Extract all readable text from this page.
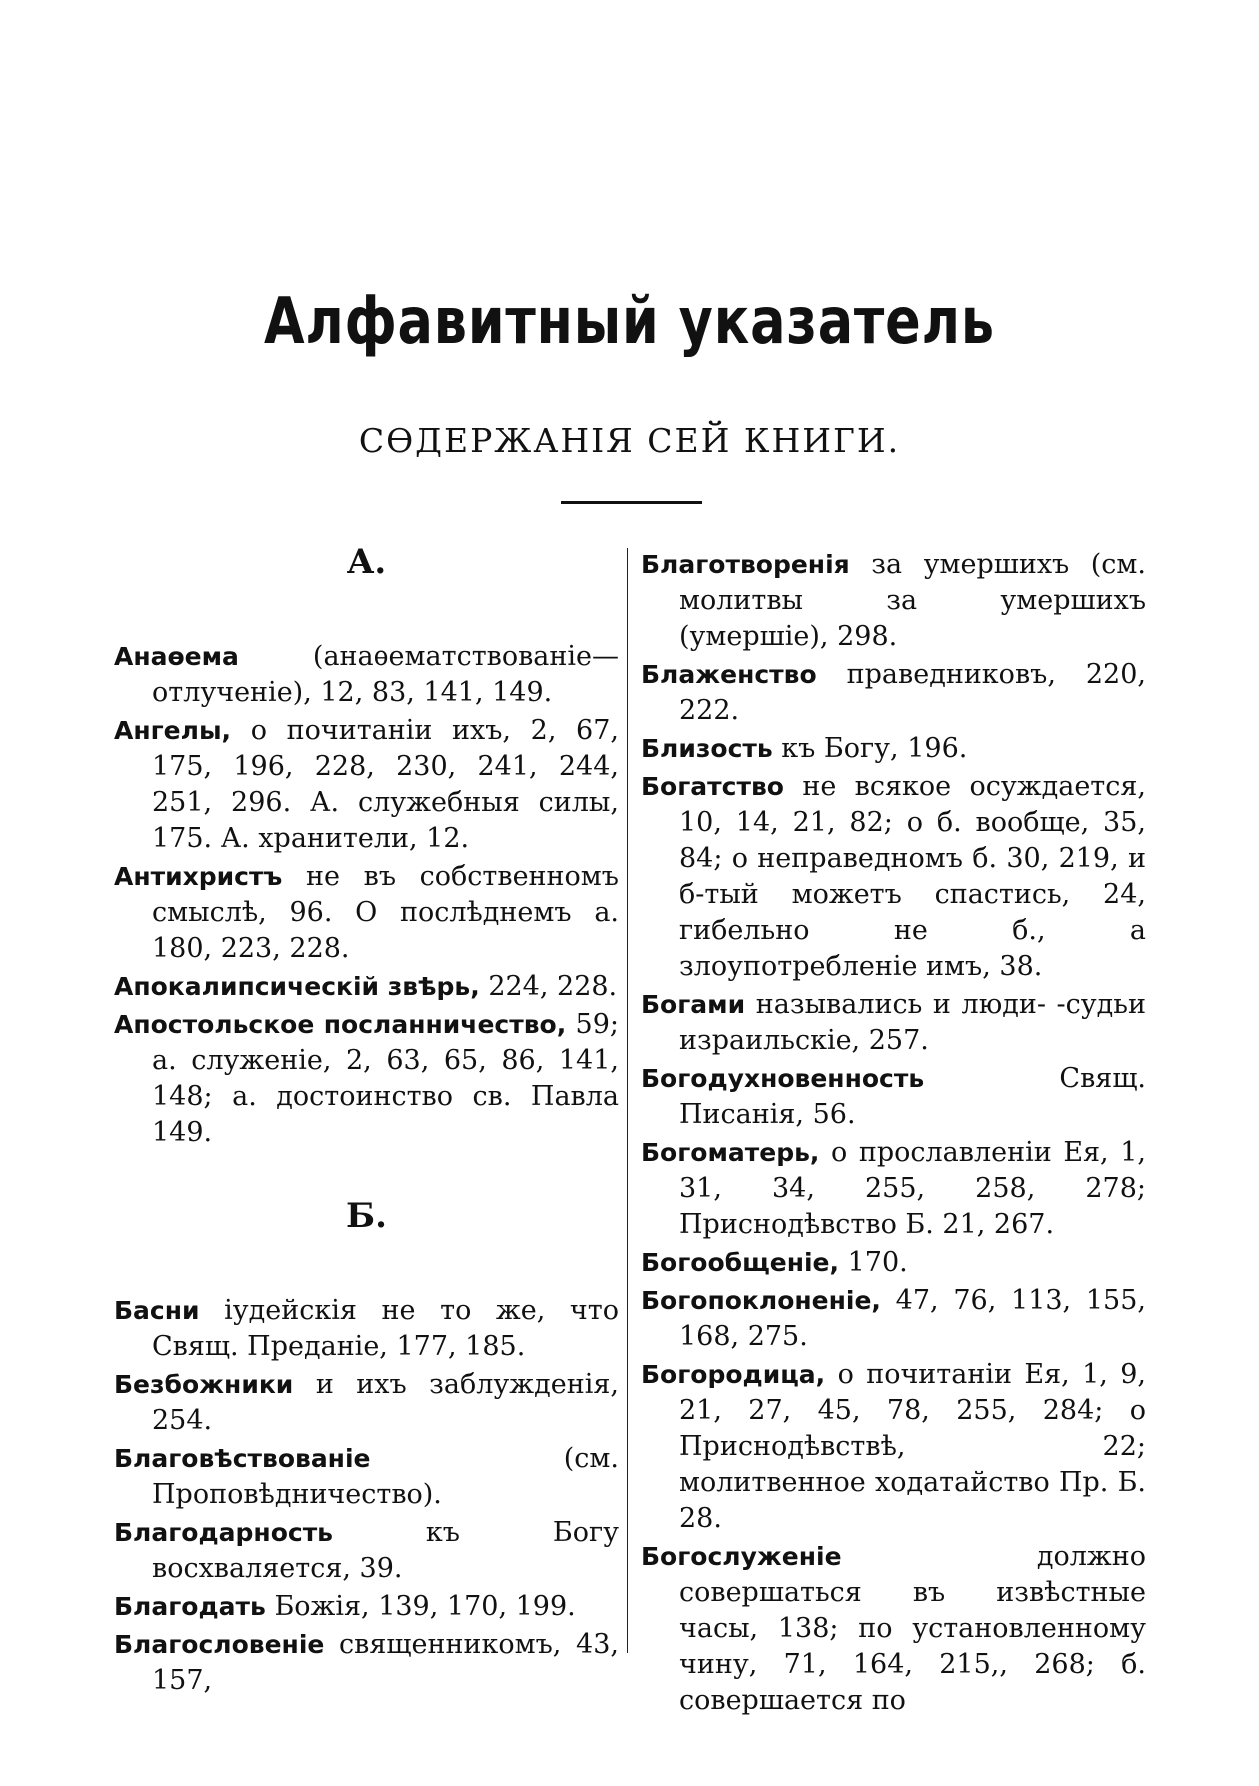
Алфавитный указатель
СѲДЕРЖАНІЯ СЕЙ КНИГИ.
А.
Анаѳема	(анаѳематствованіе—отлученіе), 12, 83, 141, 149.
Ангелы, о почитаніи ихъ, 2, 67, 175, 196, 228, 230, 241, 244, 251, 296. А. служебныя силы, 175. А. хранители, 12.
Антихристъ не въ собственномъ смыслѣ, 96. О послѣднемъ а. 180, 223, 228.
Апокалипсическій звѣрь, 224, 228.
Апостольское посланничество, 59; а. служеніе, 2, 63, 65, 86, 141, 148; а. достоинство св. Павла 149.
Б.
Басни іудейскія не то же, что Свящ. Преданіе, 177, 185.
Безбожники и ихъ заблужденія, 254.
Благовѣствованіе	(см. Проповѣдничество).
Благодарность	къ Богу восхваляется, 39.
Благодать Божія, 139, 170, 199.
Благословеніе священникомъ, 43, 157,
Благотворенія за умершихъ (см. молитвы за умершихъ (умершіе), 298.
Блаженство праведниковъ, 220, 222.
Близость къ Богу, 196.
Богатство не всякое осуждается, 10, 14, 21, 82; о б. вообще, 35, 84; о неправедномъ б. 30, 219, и б-тый можетъ спастись, 24, гибельно не б., а злоупотребленіе имъ, 38.
Богами назывались и люди- -судьи израильскіе, 257.
Богодухновенность	Свящ. Писанія, 56.
Богоматерь, о прославленіи Ея, 1, 31, 34, 255, 258, 278; Приснодѣвство Б. 21, 267.
Богообщеніе, 170.
Богопоклоненіе, 47, 76, 113, 155, 168, 275.
Богородица, о почитаніи Ея, 1, 9, 21, 27, 45, 78, 255, 284; о Приснодѣвствѣ, 22; молитвенное ходатайство Пр. Б. 28.
Богослуженіе	должно совершаться въ извѣстные часы, 138; по установленному чину, 71, 164, 215,, 268; б. совершается по
